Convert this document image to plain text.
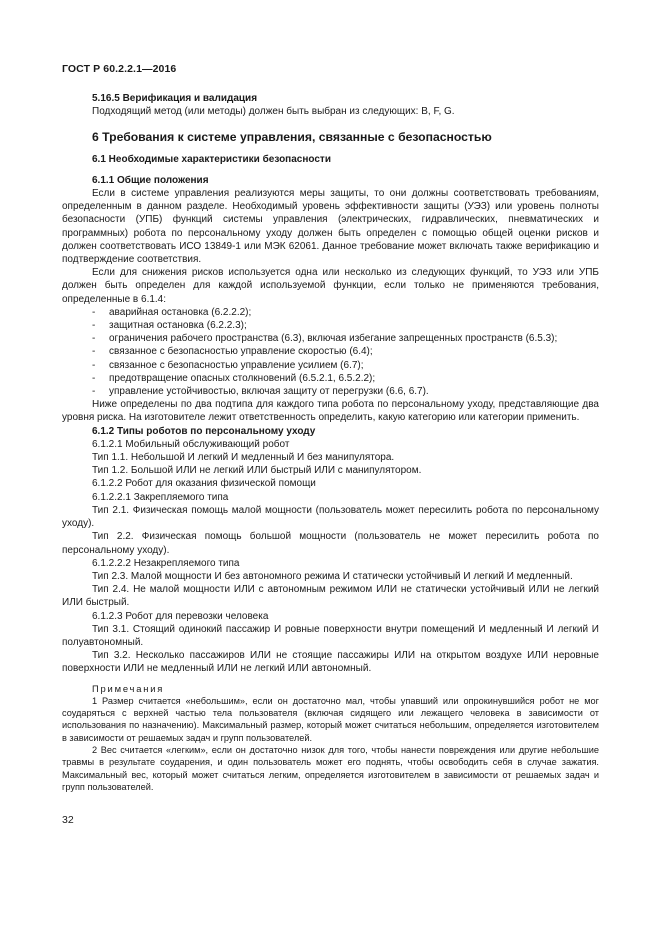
ГОСТ Р 60.2.2.1—2016

5.16.5 Верификация и валидация

Подходящий метод (или методы) должен быть выбран из следующих: B, F, G.

6 Требования к системе управления, связанные с безопасностью

6.1 Необходимые характеристики безопасности

6.1.1 Общие положения

Если в системе управления реализуются меры защиты, то они должны соответствовать требованиям, определенным в данном разделе. Необходимый уровень эффективности защиты (УЭЗ) или уровень полноты безопасности (УПБ) функций системы управления (электрических, гидравлических, пневматических и программных) робота по персональному уходу должен быть определен с помощью общей оценки рисков и должен соответствовать ИСО 13849-1 или МЭК 62061. Данное требование может включать также верификацию и подтверждение соответствия.

Если для снижения рисков используется одна или несколько из следующих функций, то УЭЗ или УПБ должен быть определен для каждой используемой функции, если только не применяются требования, определенные в 6.1.4:

- аварийная остановка (6.2.2.2);
- защитная остановка (6.2.2.3);
- ограничения рабочего пространства (6.3), включая избегание запрещенных пространств (6.5.3);
- связанное с безопасностью управление скоростью (6.4);
- связанное с безопасностью управление усилием (6.7);
- предотвращение опасных столкновений (6.5.2.1, 6.5.2.2);
- управление устойчивостью, включая защиту от перегрузки (6.6, 6.7).

Ниже определены по два подтипа для каждого типа робота по персональному уходу, представляющие два уровня риска. На изготовителе лежит ответственность определить, какую категорию или категории применить.

6.1.2 Типы роботов по персональному уходу

6.1.2.1 Мобильный обслуживающий робот

Тип 1.1. Небольшой И легкий И медленный И без манипулятора.

Тип 1.2. Большой ИЛИ не легкий ИЛИ быстрый ИЛИ с манипулятором.

6.1.2.2 Робот для оказания физической помощи

6.1.2.2.1 Закрепляемого типа

Тип 2.1. Физическая помощь малой мощности (пользователь может пересилить робота по персональному уходу).

Тип 2.2. Физическая помощь большой мощности (пользователь не может пересилить робота по персональному уходу).

6.1.2.2.2 Незакрепляемого типа

Тип 2.3. Малой мощности И без автономного режима И статически устойчивый И легкий И медленный.

Тип 2.4. Не малой мощности ИЛИ с автономным режимом ИЛИ не статически устойчивый ИЛИ не легкий ИЛИ быстрый.

6.1.2.3 Робот для перевозки человека

Тип 3.1. Стоящий одинокий пассажир И ровные поверхности внутри помещений И медленный И легкий И полуавтономный.

Тип 3.2. Несколько пассажиров ИЛИ не стоящие пассажиры ИЛИ на открытом воздухе ИЛИ неровные поверхности ИЛИ не медленный ИЛИ не легкий ИЛИ автономный.

Примечания

1 Размер считается «небольшим», если он достаточно мал, чтобы упавший или опрокинувшийся робот не мог соударяться с верхней частью тела пользователя (включая сидящего или лежащего человека в зависимости от использования по назначению). Максимальный размер, который может считаться небольшим, определяется изготовителем в зависимости от решаемых задач и групп пользователей.

2 Вес считается «легким», если он достаточно низок для того, чтобы нанести повреждения или другие небольшие травмы в результате соударения, и один пользователь может его поднять, чтобы освободить себя в случае зажатия. Максимальный вес, который может считаться легким, определяется изготовителем в зависимости от решаемых задач и групп пользователей.

32
